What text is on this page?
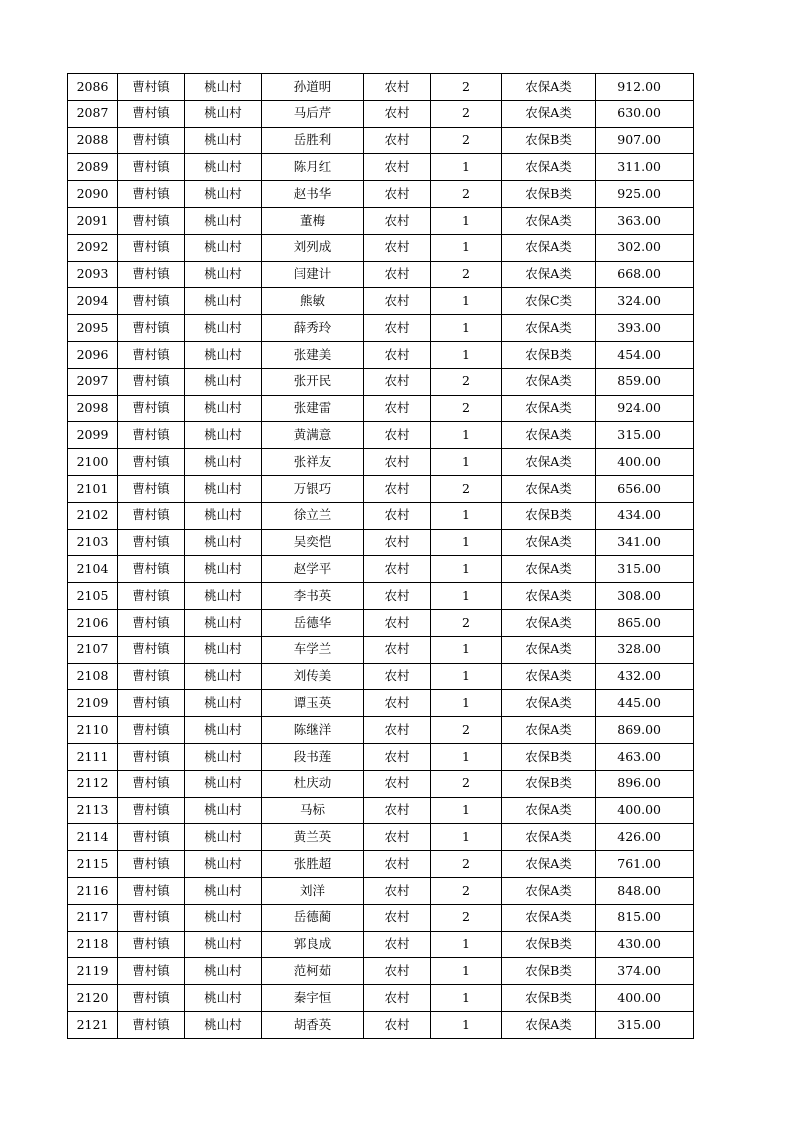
2086	曹村镇	桃山村	孙道明	农村	2	农保A类	912.00
2087	曹村镇	桃山村	马后芹	农村	2	农保A类	630.00
2088	曹村镇	桃山村	岳胜利	农村	2	农保B类	907.00
2089	曹村镇	桃山村	陈月红	农村	1	农保A类	311.00
2090	曹村镇	桃山村	赵书华	农村	2	农保B类	925.00
2091	曹村镇	桃山村	董梅	农村	1	农保A类	363.00
2092	曹村镇	桃山村	刘列成	农村	1	农保A类	302.00
2093	曹村镇	桃山村	闫建计	农村	2	农保A类	668.00
2094	曹村镇	桃山村	熊敏	农村	1	农保C类	324.00
2095	曹村镇	桃山村	薛秀玲	农村	1	农保A类	393.00
2096	曹村镇	桃山村	张建美	农村	1	农保B类	454.00
2097	曹村镇	桃山村	张开民	农村	2	农保A类	859.00
2098	曹村镇	桃山村	张建雷	农村	2	农保A类	924.00
2099	曹村镇	桃山村	黄满意	农村	1	农保A类	315.00
2100	曹村镇	桃山村	张祥友	农村	1	农保A类	400.00
2101	曹村镇	桃山村	万银巧	农村	2	农保A类	656.00
2102	曹村镇	桃山村	徐立兰	农村	1	农保B类	434.00
2103	曹村镇	桃山村	吴奕恺	农村	1	农保A类	341.00
2104	曹村镇	桃山村	赵学平	农村	1	农保A类	315.00
2105	曹村镇	桃山村	李书英	农村	1	农保A类	308.00
2106	曹村镇	桃山村	岳德华	农村	2	农保A类	865.00
2107	曹村镇	桃山村	车学兰	农村	1	农保A类	328.00
2108	曹村镇	桃山村	刘传美	农村	1	农保A类	432.00
2109	曹村镇	桃山村	谭玉英	农村	1	农保A类	445.00
2110	曹村镇	桃山村	陈继洋	农村	2	农保A类	869.00
2111	曹村镇	桃山村	段书莲	农村	1	农保B类	463.00
2112	曹村镇	桃山村	杜庆动	农村	2	农保B类	896.00
2113	曹村镇	桃山村	马标	农村	1	农保A类	400.00
2114	曹村镇	桃山村	黄兰英	农村	1	农保A类	426.00
2115	曹村镇	桃山村	张胜超	农村	2	农保A类	761.00
2116	曹村镇	桃山村	刘洋	农村	2	农保A类	848.00
2117	曹村镇	桃山村	岳德蔺	农村	2	农保A类	815.00
2118	曹村镇	桃山村	郭良成	农村	1	农保B类	430.00
2119	曹村镇	桃山村	范柯茹	农村	1	农保B类	374.00
2120	曹村镇	桃山村	秦宇恒	农村	1	农保B类	400.00
2121	曹村镇	桃山村	胡香英	农村	1	农保A类	315.00
